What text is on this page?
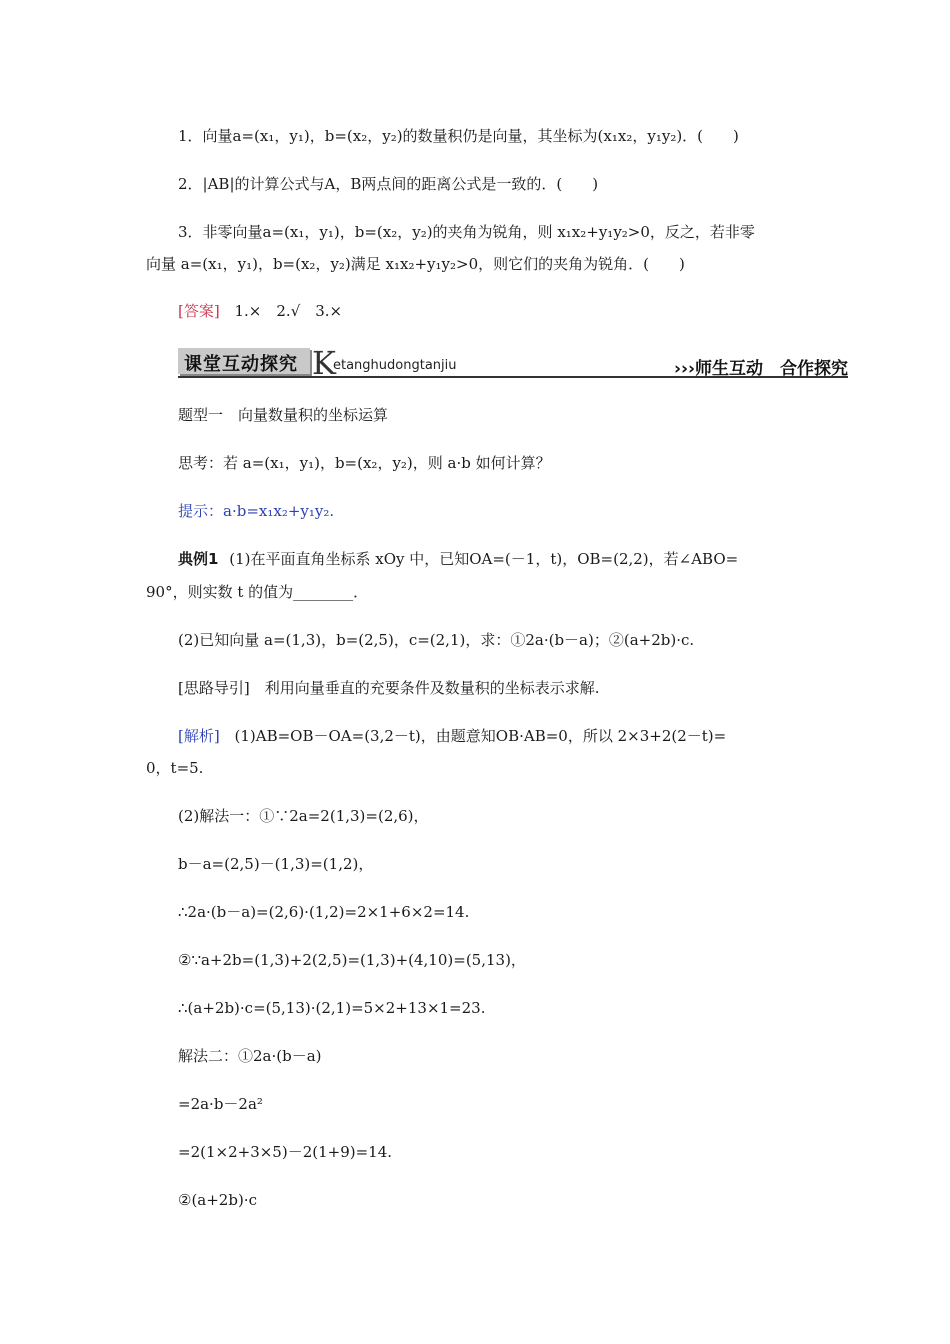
1．向量a=(x₁，y₁)，b=(x₂，y₂)的数量积仍是向量，其坐标为(x₁x₂，y₁y₂)．(　　)
2．|AB|的计算公式与A，B两点间的距离公式是一致的．(　　)
3．非零向量a=(x₁，y₁)，b=(x₂，y₂)的夹角为锐角，则 x₁x₂+y₁y₂>0，反之，若非零
向量 a=(x₁，y₁)，b=(x₂，y₂)满足 x₁x₂+y₁y₂>0，则它们的夹角为锐角．(　　)
[答案] 1.×　2.√　3.×
课堂互动探究 K
etanghudongtanjiu	›››师生互动　合作探究
题型一　向量数量积的坐标运算
思考：若 a=(x₁，y₁)，b=(x₂，y₂)，则 a·b 如何计算？
提示：a·b=x₁x₂+y₁y₂.
典例1 (1)在平面直角坐标系 xOy 中，已知OA=(－1，t)，OB=(2,2)，若∠ABO=
90°，则实数 t 的值为________．
(2)已知向量 a=(1,3)，b=(2,5)，c=(2,1)，求：①2a·(b－a)；②(a+2b)·c.
[思路导引]　利用向量垂直的充要条件及数量积的坐标表示求解.
[解析] (1)AB=OB－OA=(3,2－t)，由题意知OB·AB=0，所以 2×3+2(2－t)=
0，t=5.
(2)解法一：①∵2a=2(1,3)=(2,6)，
b－a=(2,5)－(1,3)=(1,2)，
∴2a·(b－a)=(2,6)·(1,2)=2×1+6×2=14.
②∵a+2b=(1,3)+2(2,5)=(1,3)+(4,10)=(5,13)，
∴(a+2b)·c=(5,13)·(2,1)=5×2+13×1=23.
解法二：①2a·(b－a)
=2a·b－2a²
=2(1×2+3×5)－2(1+9)=14.
②(a+2b)·c
